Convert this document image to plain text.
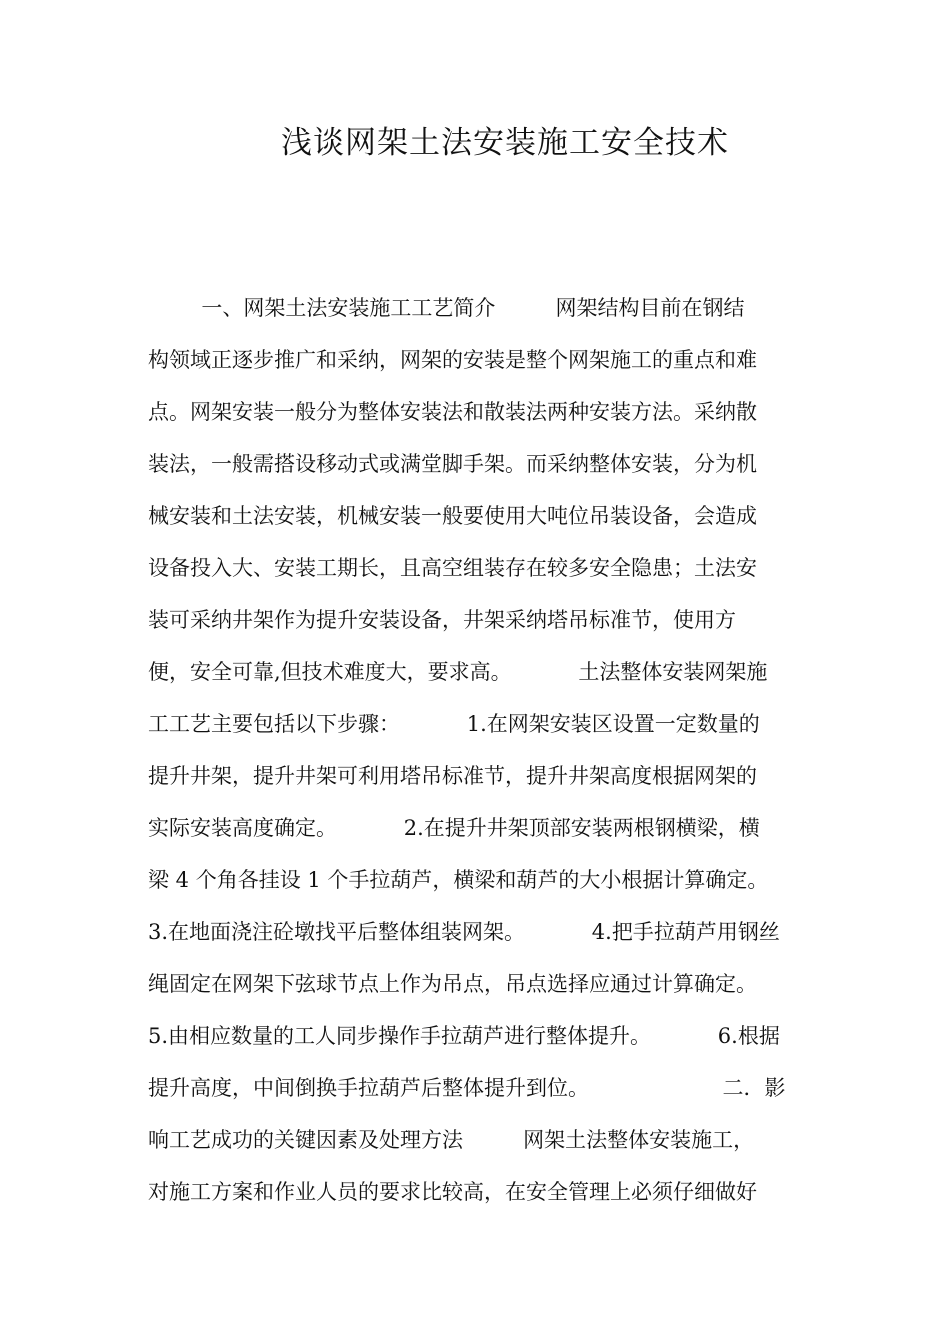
浅谈网架土法安装施工安全技术
一、网架土法安装施工工艺简介         网架结构目前在钢结
构领域正逐步推广和采纳，网架的安装是整个网架施工的重点和难
点。网架安装一般分为整体安装法和散装法两种安装方法。采纳散
装法，一般需搭设移动式或满堂脚手架。而采纳整体安装，分为机
械安装和土法安装，机械安装一般要使用大吨位吊装设备，会造成
设备投入大、安装工期长，且高空组装存在较多安全隐患；土法安
装可采纳井架作为提升安装设备，井架采纳塔吊标准节，使用方
便，安全可靠,但技术难度大，要求高。          土法整体安装网架施
工工艺主要包括以下步骤：          1.在网架安装区设置一定数量的
提升井架，提升井架可利用塔吊标准节，提升井架高度根据网架的
实际安装高度确定。          2.在提升井架顶部安装两根钢横梁，横
梁 4 个角各挂设 1 个手拉葫芦，横梁和葫芦的大小根据计算确定。
3.在地面浇注砼墩找平后整体组装网架。          4.把手拉葫芦用钢丝
绳固定在网架下弦球节点上作为吊点，吊点选择应通过计算确定。
5.由相应数量的工人同步操作手拉葫芦进行整体提升。          6.根据
提升高度，中间倒换手拉葫芦后整体提升到位。                    二．影
响工艺成功的关键因素及处理方法         网架土法整体安装施工，
对施工方案和作业人员的要求比较高，在安全管理上必须仔细做好
